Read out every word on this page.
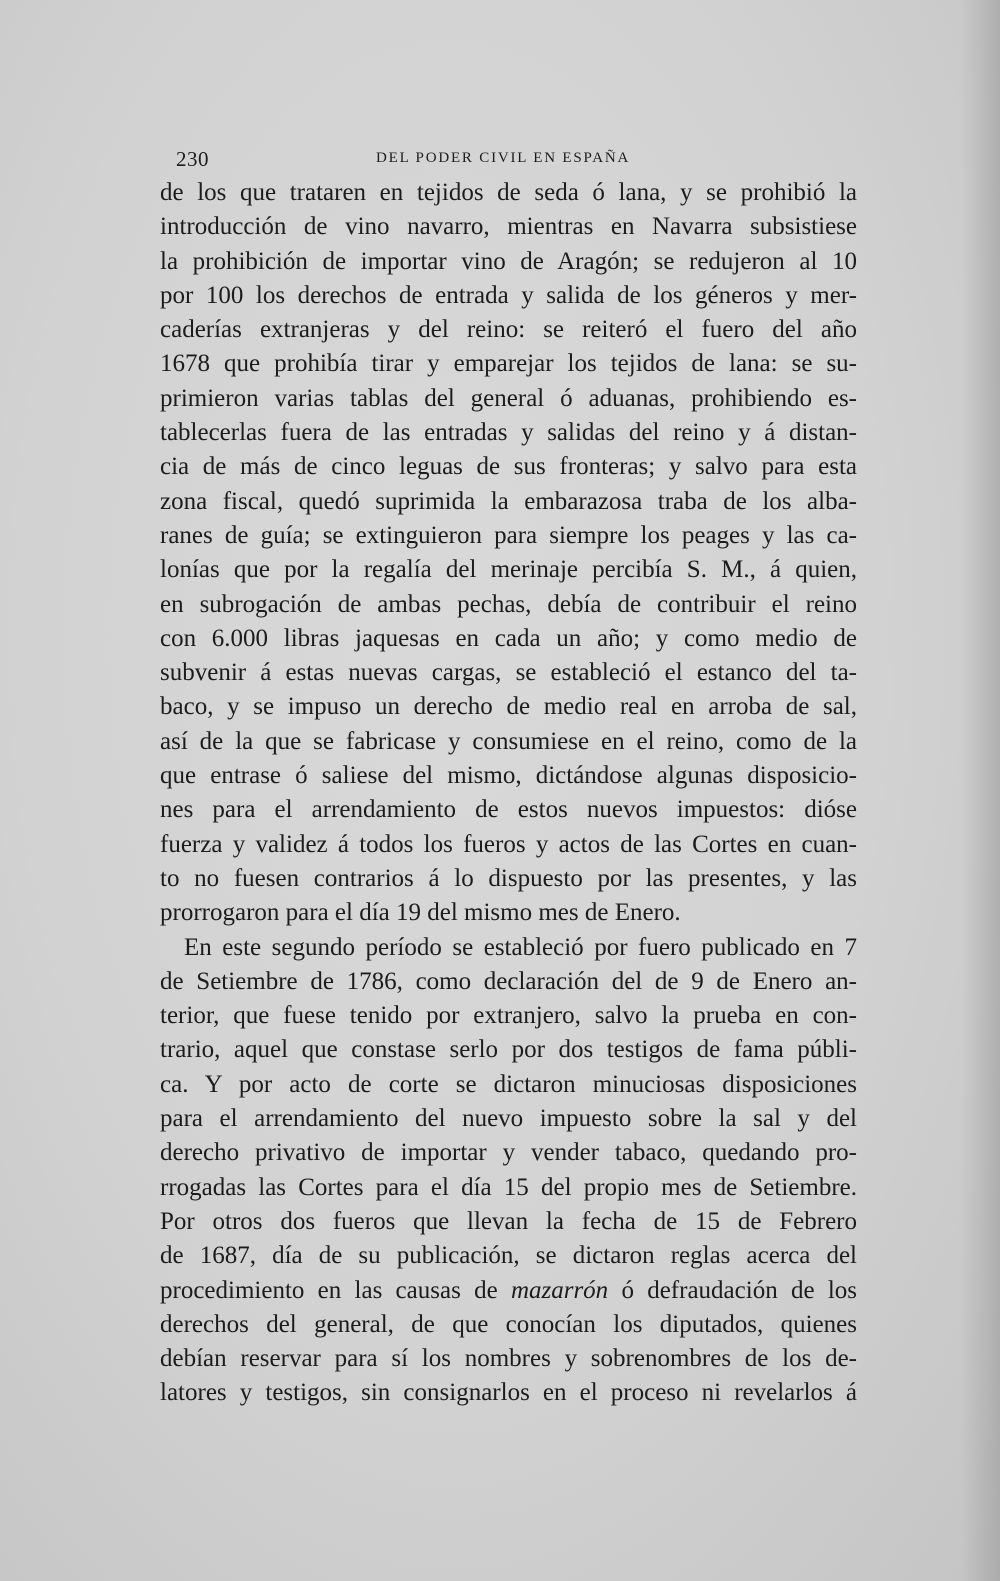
230	DEL PODER CIVIL EN ESPAÑA
de los que trataren en tejidos de seda ó lana, y se prohibió la
introducción de vino navarro, mientras en Navarra subsistiese
la prohibición de importar vino de Aragón; se redujeron al 10
por 100 los derechos de entrada y salida de los géneros y mer-
caderías extranjeras y del reino: se reiteró el fuero del año
1678 que prohibía tirar y emparejar los tejidos de lana: se su-
primieron varias tablas del general ó aduanas, prohibiendo es-
tablecerlas fuera de las entradas y salidas del reino y á distan-
cia de más de cinco leguas de sus fronteras; y salvo para esta
zona fiscal, quedó suprimida la embarazosa traba de los alba-
ranes de guía; se extinguieron para siempre los peages y las ca-
lonías que por la regalía del merinaje percibía S. M., á quien,
en subrogación de ambas pechas, debía de contribuir el reino
con 6.000 libras jaquesas en cada un año; y como medio de
subvenir á estas nuevas cargas, se estableció el estanco del ta-
baco, y se impuso un derecho de medio real en arroba de sal,
así de la que se fabricase y consumiese en el reino, como de la
que entrase ó saliese del mismo, dictándose algunas disposicio-
nes para el arrendamiento de estos nuevos impuestos: dióse
fuerza y validez á todos los fueros y actos de las Cortes en cuan-
to no fuesen contrarios á lo dispuesto por las presentes, y las
prorrogaron para el día 19 del mismo mes de Enero.
En este segundo período se estableció por fuero publicado en 7
de Setiembre de 1786, como declaración del de 9 de Enero an-
terior, que fuese tenido por extranjero, salvo la prueba en con-
trario, aquel que constase serlo por dos testigos de fama públi-
ca. Y por acto de corte se dictaron minuciosas disposiciones
para el arrendamiento del nuevo impuesto sobre la sal y del
derecho privativo de importar y vender tabaco, quedando pro-
rrogadas las Cortes para el día 15 del propio mes de Setiembre.
Por otros dos fueros que llevan la fecha de 15 de Febrero
de 1687, día de su publicación, se dictaron reglas acerca del
procedimiento en las causas de mazarrón ó defraudación de los
derechos del general, de que conocían los diputados, quienes
debían reservar para sí los nombres y sobrenombres de los de-
latores y testigos, sin consignarlos en el proceso ni revelarlos á
